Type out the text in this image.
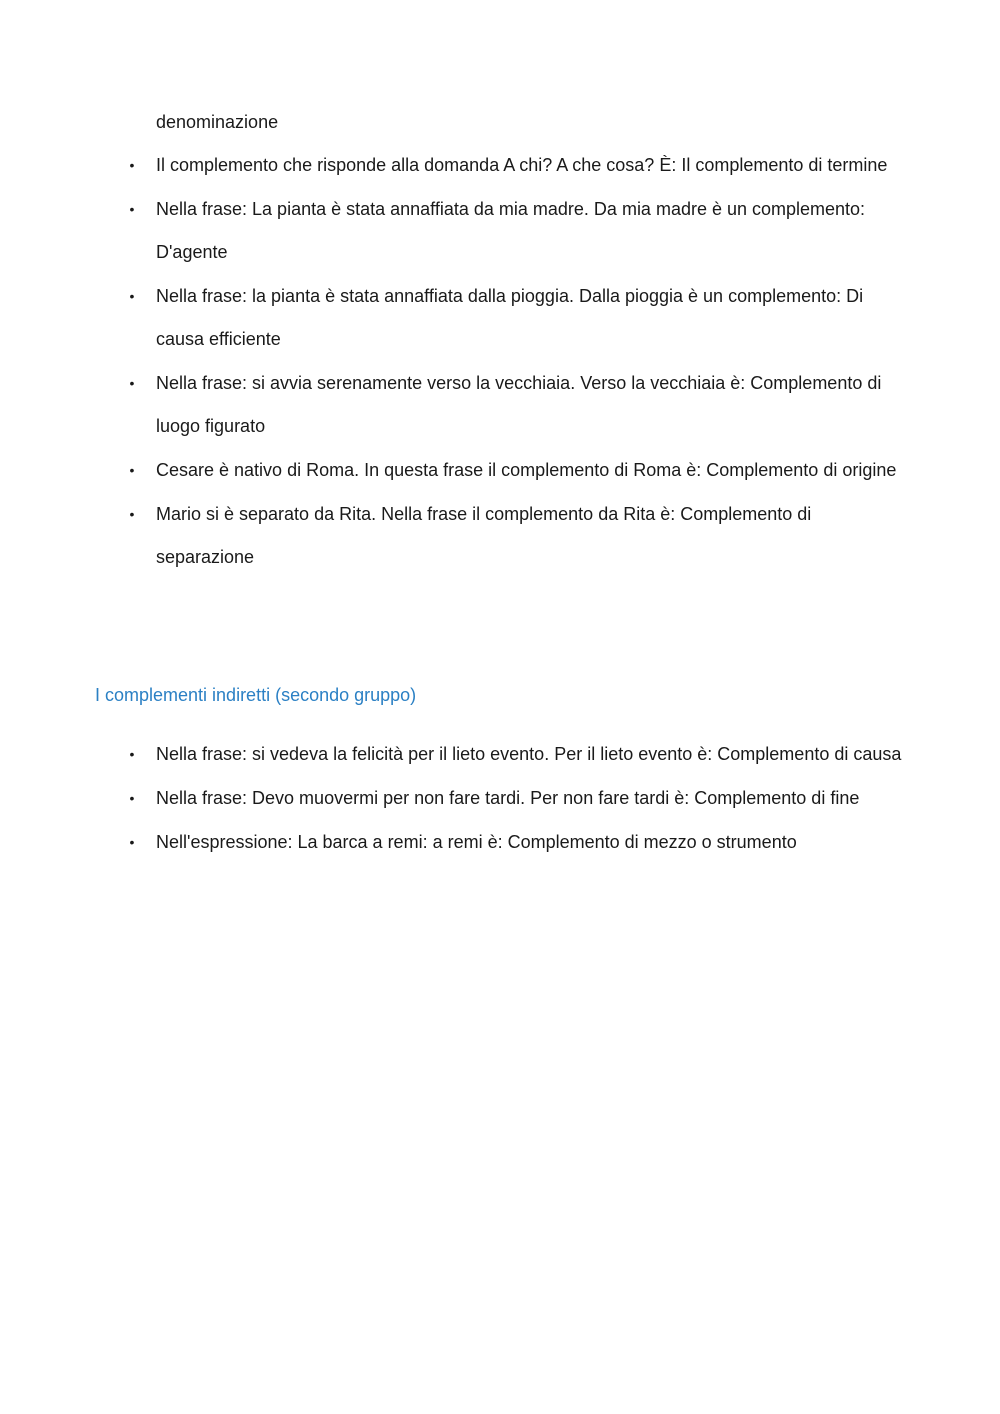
denominazione

• Il complemento che risponde alla domanda A chi? A che cosa? È: Il complemento di termine
• Nella frase: La pianta è stata annaffiata da mia madre. Da mia madre è un complemento: D'agente
• Nella frase: la pianta è stata annaffiata dalla pioggia. Dalla pioggia è un complemento: Di causa efficiente
• Nella frase: si avvia serenamente verso la vecchiaia. Verso la vecchiaia è: Complemento di luogo figurato
• Cesare è nativo di Roma. In questa frase il complemento di Roma è: Complemento di origine
• Mario si è separato da Rita. Nella frase il complemento da Rita è: Complemento di separazione
I complementi indiretti (secondo gruppo)
• Nella frase: si vedeva la felicità per il lieto evento. Per il lieto evento è: Complemento di causa
• Nella frase: Devo muovermi per non fare tardi. Per non fare tardi è: Complemento di fine
• Nell'espressione: La barca a remi: a remi è: Complemento di mezzo o strumento
